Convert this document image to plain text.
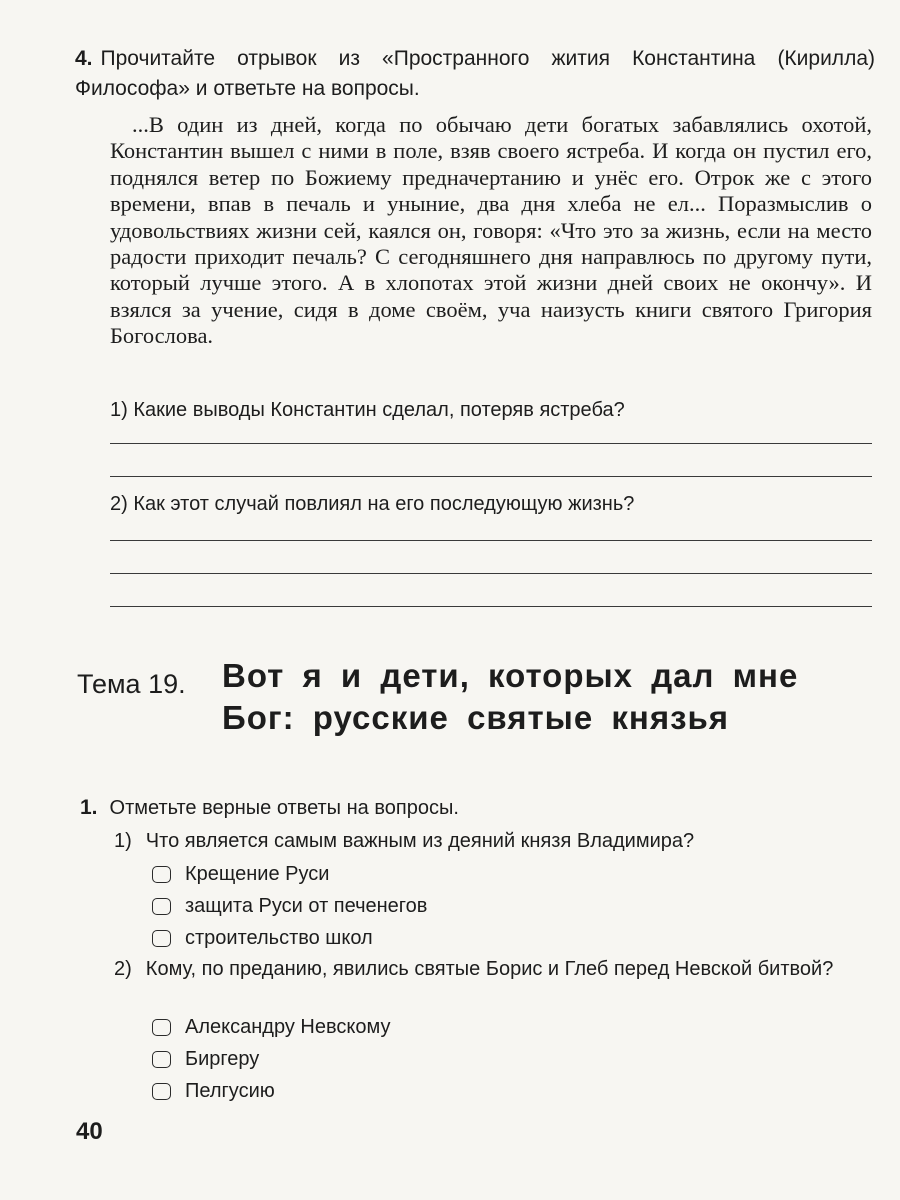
4. Прочитайте отрывок из «Пространного жития Константина (Кирилла) Философа» и ответьте на вопросы.
...В один из дней, когда по обычаю дети богатых забавлялись охотой, Константин вышел с ними в поле, взяв своего ястреба. И когда он пустил его, поднялся ветер по Божиему предначертанию и унёс его. Отрок же с этого времени, впав в печаль и уныние, два дня хлеба не ел... Поразмыслив о удовольствиях жизни сей, каялся он, говоря: «Что это за жизнь, если на место радости приходит печаль? С сегодняшнего дня направлюсь по другому пути, который лучше этого. А в хлопотах этой жизни дней своих не окончу». И взялся за учение, сидя в доме своём, уча наизусть книги святого Григория Богослова.
1) Какие выводы Константин сделал, потеряв ястреба?
2) Как этот случай повлиял на его последующую жизнь?
Тема 19. Вот я и дети, которых дал мне Бог: русские святые князья
1. Отметьте верные ответы на вопросы.
1) Что является самым важным из деяний князя Владимира?
Крещение Руси
защита Руси от печенегов
строительство школ
2) Кому, по преданию, явились святые Борис и Глеб перед Невской битвой?
Александру Невскому
Биргеру
Пелгусию
40
